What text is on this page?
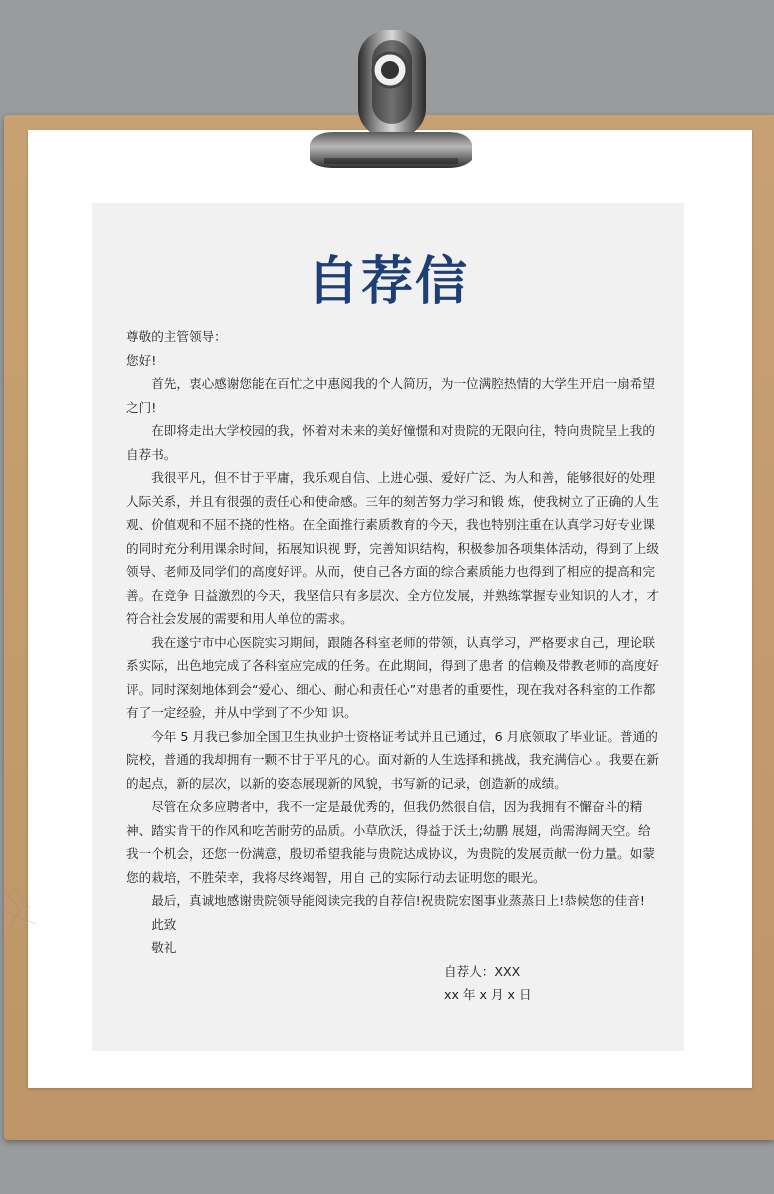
自荐信

尊敬的主管领导：

您好!

首先，衷心感谢您能在百忙之中惠阅我的个人简历，为一位满腔热情的大学生开启一扇希望之门!

在即将走出大学校园的我，怀着对未来的美好憧憬和对贵院的无限向往，特向贵院呈上我的自荐书。

我很平凡，但不甘于平庸，我乐观自信、上进心强、爱好广泛、为人和善，能够很好的处理人际关系，并且有很强的责任心和使命感。三年的刻苦努力学习和锻 炼，使我树立了正确的人生观、价值观和不屈不挠的性格。在全面推行素质教育的今天，我也特别注重在认真学习好专业课的同时充分利用课余时间，拓展知识视 野，完善知识结构，积极参加各项集体活动，得到了上级领导、老师及同学们的高度好评。从而，使自己各方面的综合素质能力也得到了相应的提高和完善。在竞争 日益激烈的今天，我坚信只有多层次、全方位发展，并熟练掌握专业知识的人才，才符合社会发展的需要和用人单位的需求。

我在遂宁市中心医院实习期间，跟随各科室老师的带领，认真学习，严格要求自己，理论联系实际，出色地完成了各科室应完成的任务。在此期间，得到了患者 的信赖及带教老师的高度好评。同时深刻地体到会“爱心、细心、耐心和责任心”对患者的重要性，现在我对各科室的工作都有了一定经验，并从中学到了不少知 识。

今年 5 月我已参加全国卫生执业护士资格证考试并且已通过，6 月底领取了毕业证。普通的院校，普通的我却拥有一颗不甘于平凡的心。面对新的人生选择和挑战，我充满信心 。我要在新的起点，新的层次，以新的姿态展现新的风貌，书写新的记录，创造新的成绩。

尽管在众多应聘者中，我不一定是最优秀的，但我仍然很自信，因为我拥有不懈奋斗的精神、踏实肯干的作风和吃苦耐劳的品质。小草欣沃，得益于沃土;幼鹏 展翅，尚需海阔天空。给我一个机会，还您一份满意，殷切希望我能与贵院达成协议，为贵院的发展贡献一份力量。如蒙您的栽培，不胜荣幸，我将尽终竭智，用自 己的实际行动去证明您的眼光。

最后，真诚地感谢贵院领导能阅读完我的自荐信!祝贵院宏图事业蒸蒸日上!恭候您的佳音!

此致

敬礼

自荐人：XXX

xx 年 x 月 x 日
